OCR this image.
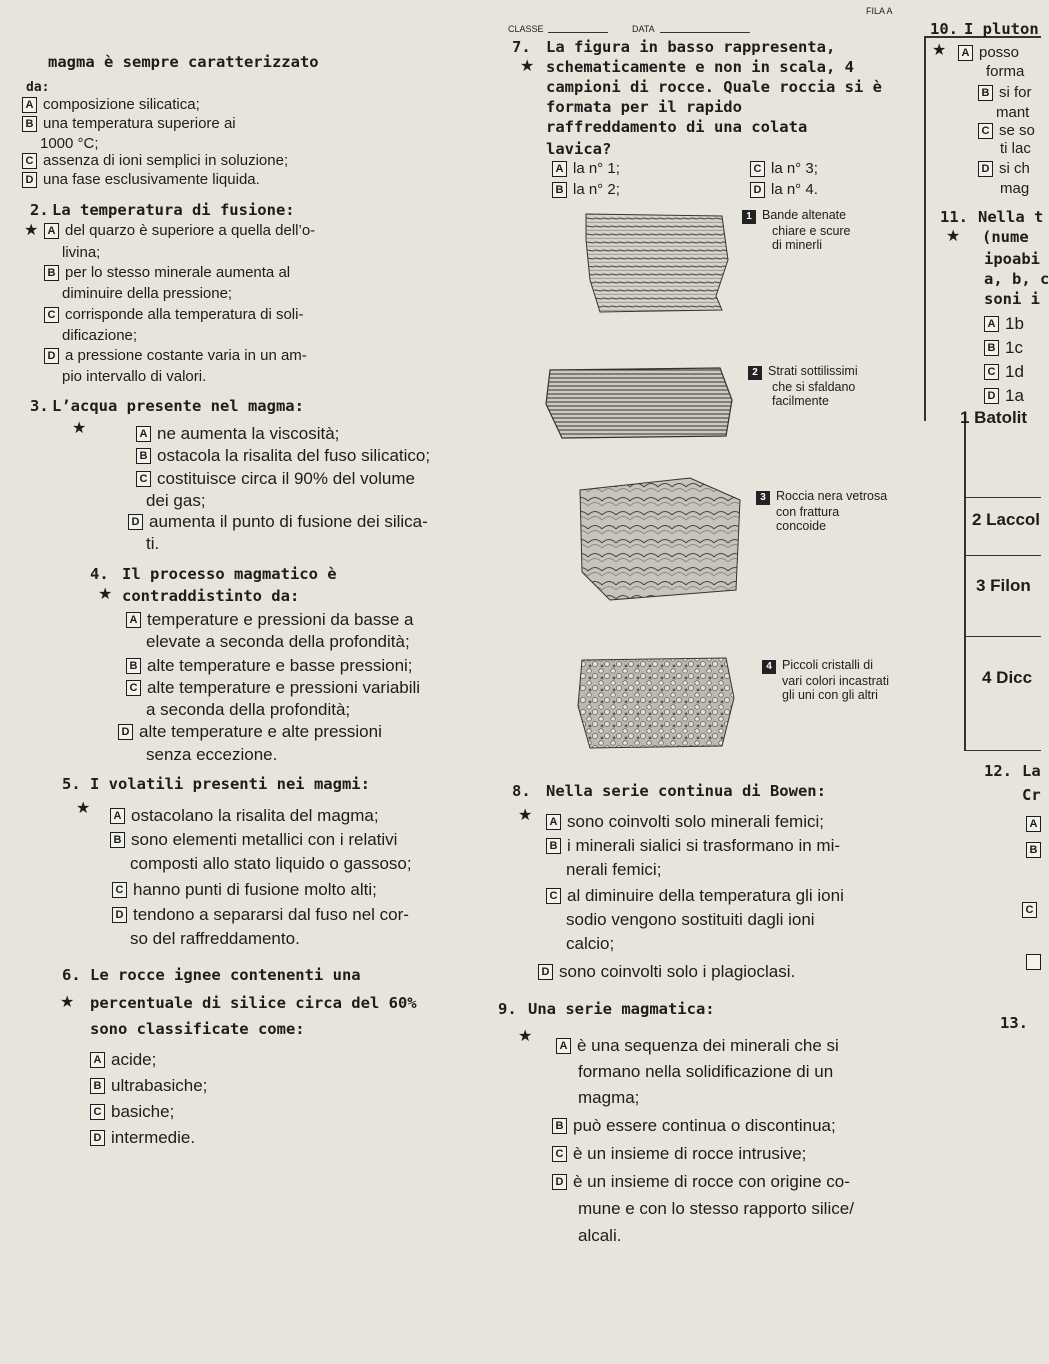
CLASSE	DATA
FILA A
magma è sempre caratterizzato
da:
A composizione silicatica;
B una temperatura superiore ai
1000 °C;
C assenza di ioni semplici in soluzione;
D una fase esclusivamente liquida.
2. La temperatura di fusione:
★ A del quarzo è superiore a quella dell’o-
livina;
B per lo stesso minerale aumenta al
diminuire della pressione;
C corrisponde alla temperatura di soli-
dificazione;
D a pressione costante varia in un am-
pio intervallo di valori.
3. L’acqua presente nel magma:
★	A ne aumenta la viscosità;
B ostacola la risalita del fuso silicatico;
C costituisce circa il 90% del volume
dei gas;
D aumenta il punto di fusione dei silica-
ti.
4. Il processo magmatico è
★ contraddistinto da:
A temperature e pressioni da basse a
elevate a seconda della profondità;
B alte temperature e basse pressioni;
C alte temperature e pressioni variabili
a seconda della profondità;
D alte temperature e alte pressioni
senza eccezione.
5. I volatili presenti nei magmi:
★	A ostacolano la risalita del magma;
B sono elementi metallici con i relativi
composti allo stato liquido o gassoso;
C hanno punti di fusione molto alti;
D tendono a separarsi dal fuso nel cor-
so del raffreddamento.
6. Le rocce ignee contenenti una
★ percentuale di silice circa del 60%
sono classificate come:
A acide;
B ultrabasiche;
C basiche;
D intermedie.
7. La figura in basso rappresenta,
★ schematicamente e non in scala, 4
campioni di rocce. Quale roccia si è
formata per il rapido
raffreddamento di una colata
lavica?
A la n° 1;
B la n° 2;
C la n° 3;
D la n° 4.
1 Bande altenate
chiare e scure
di minerli
2 Strati sottilissimi
che si sfaldano
facilmente
3 Roccia nera vetrosa
con frattura
concoide
4 Piccoli cristalli di
vari colori incastrati
gli uni con gli altri
8. Nella serie continua di Bowen:
★	A sono coinvolti solo minerali femici;
B i minerali sialici si trasformano in mi-
nerali femici;
C al diminuire della temperatura gli ioni
sodio vengono sostituiti dagli ioni
calcio;
D sono coinvolti solo i plagioclasi.
9. Una serie magmatica:
★
A è una sequenza dei minerali che si
formano nella solidificazione di un
magma;
B può essere continua o discontinua;
C è un insieme di rocce intrusive;
D è un insieme di rocce con origine co-
mune e con lo stesso rapporto silice/
alcali.
10. I pluton
★	A posso
forma
B si for
mant
C se so
ti lac
D si ch
mag
11. Nella t
★ (nume
ipoabi
a, b, c
soni i
A 1b
B 1c
C 1d
D 1a
1 Batolit
2 Laccol
3 Filon
4 Dicc
12. La
Cr
A
B
C
13.
